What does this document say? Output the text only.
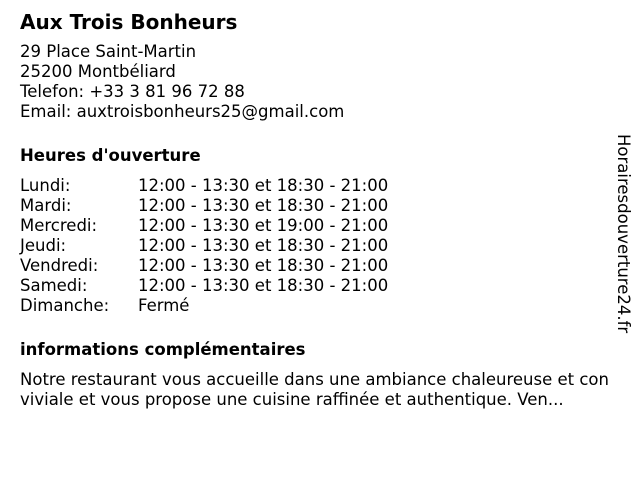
Aux Trois Bonheurs
29 Place Saint-Martin
25200 Montbéliard
Telefon: +33 3 81 96 72 88
Email: auxtroisbonheurs25@gmail.com
Heures d'ouverture
Lundi:	12:00 - 13:30 et 18:30 - 21:00
Mardi:	12:00 - 13:30 et 18:30 - 21:00
Mercredi:	12:00 - 13:30 et 19:00 - 21:00
Jeudi:	12:00 - 13:30 et 18:30 - 21:00
Vendredi:	12:00 - 13:30 et 18:30 - 21:00
Samedi:	12:00 - 13:30 et 18:30 - 21:00
Dimanche:	Fermé
informations complémentaires
Notre restaurant vous accueille dans une ambiance chaleureuse et conviviale et vous propose une cuisine raffinée et authentique. Ven...
Horairesdouverture24.fr
